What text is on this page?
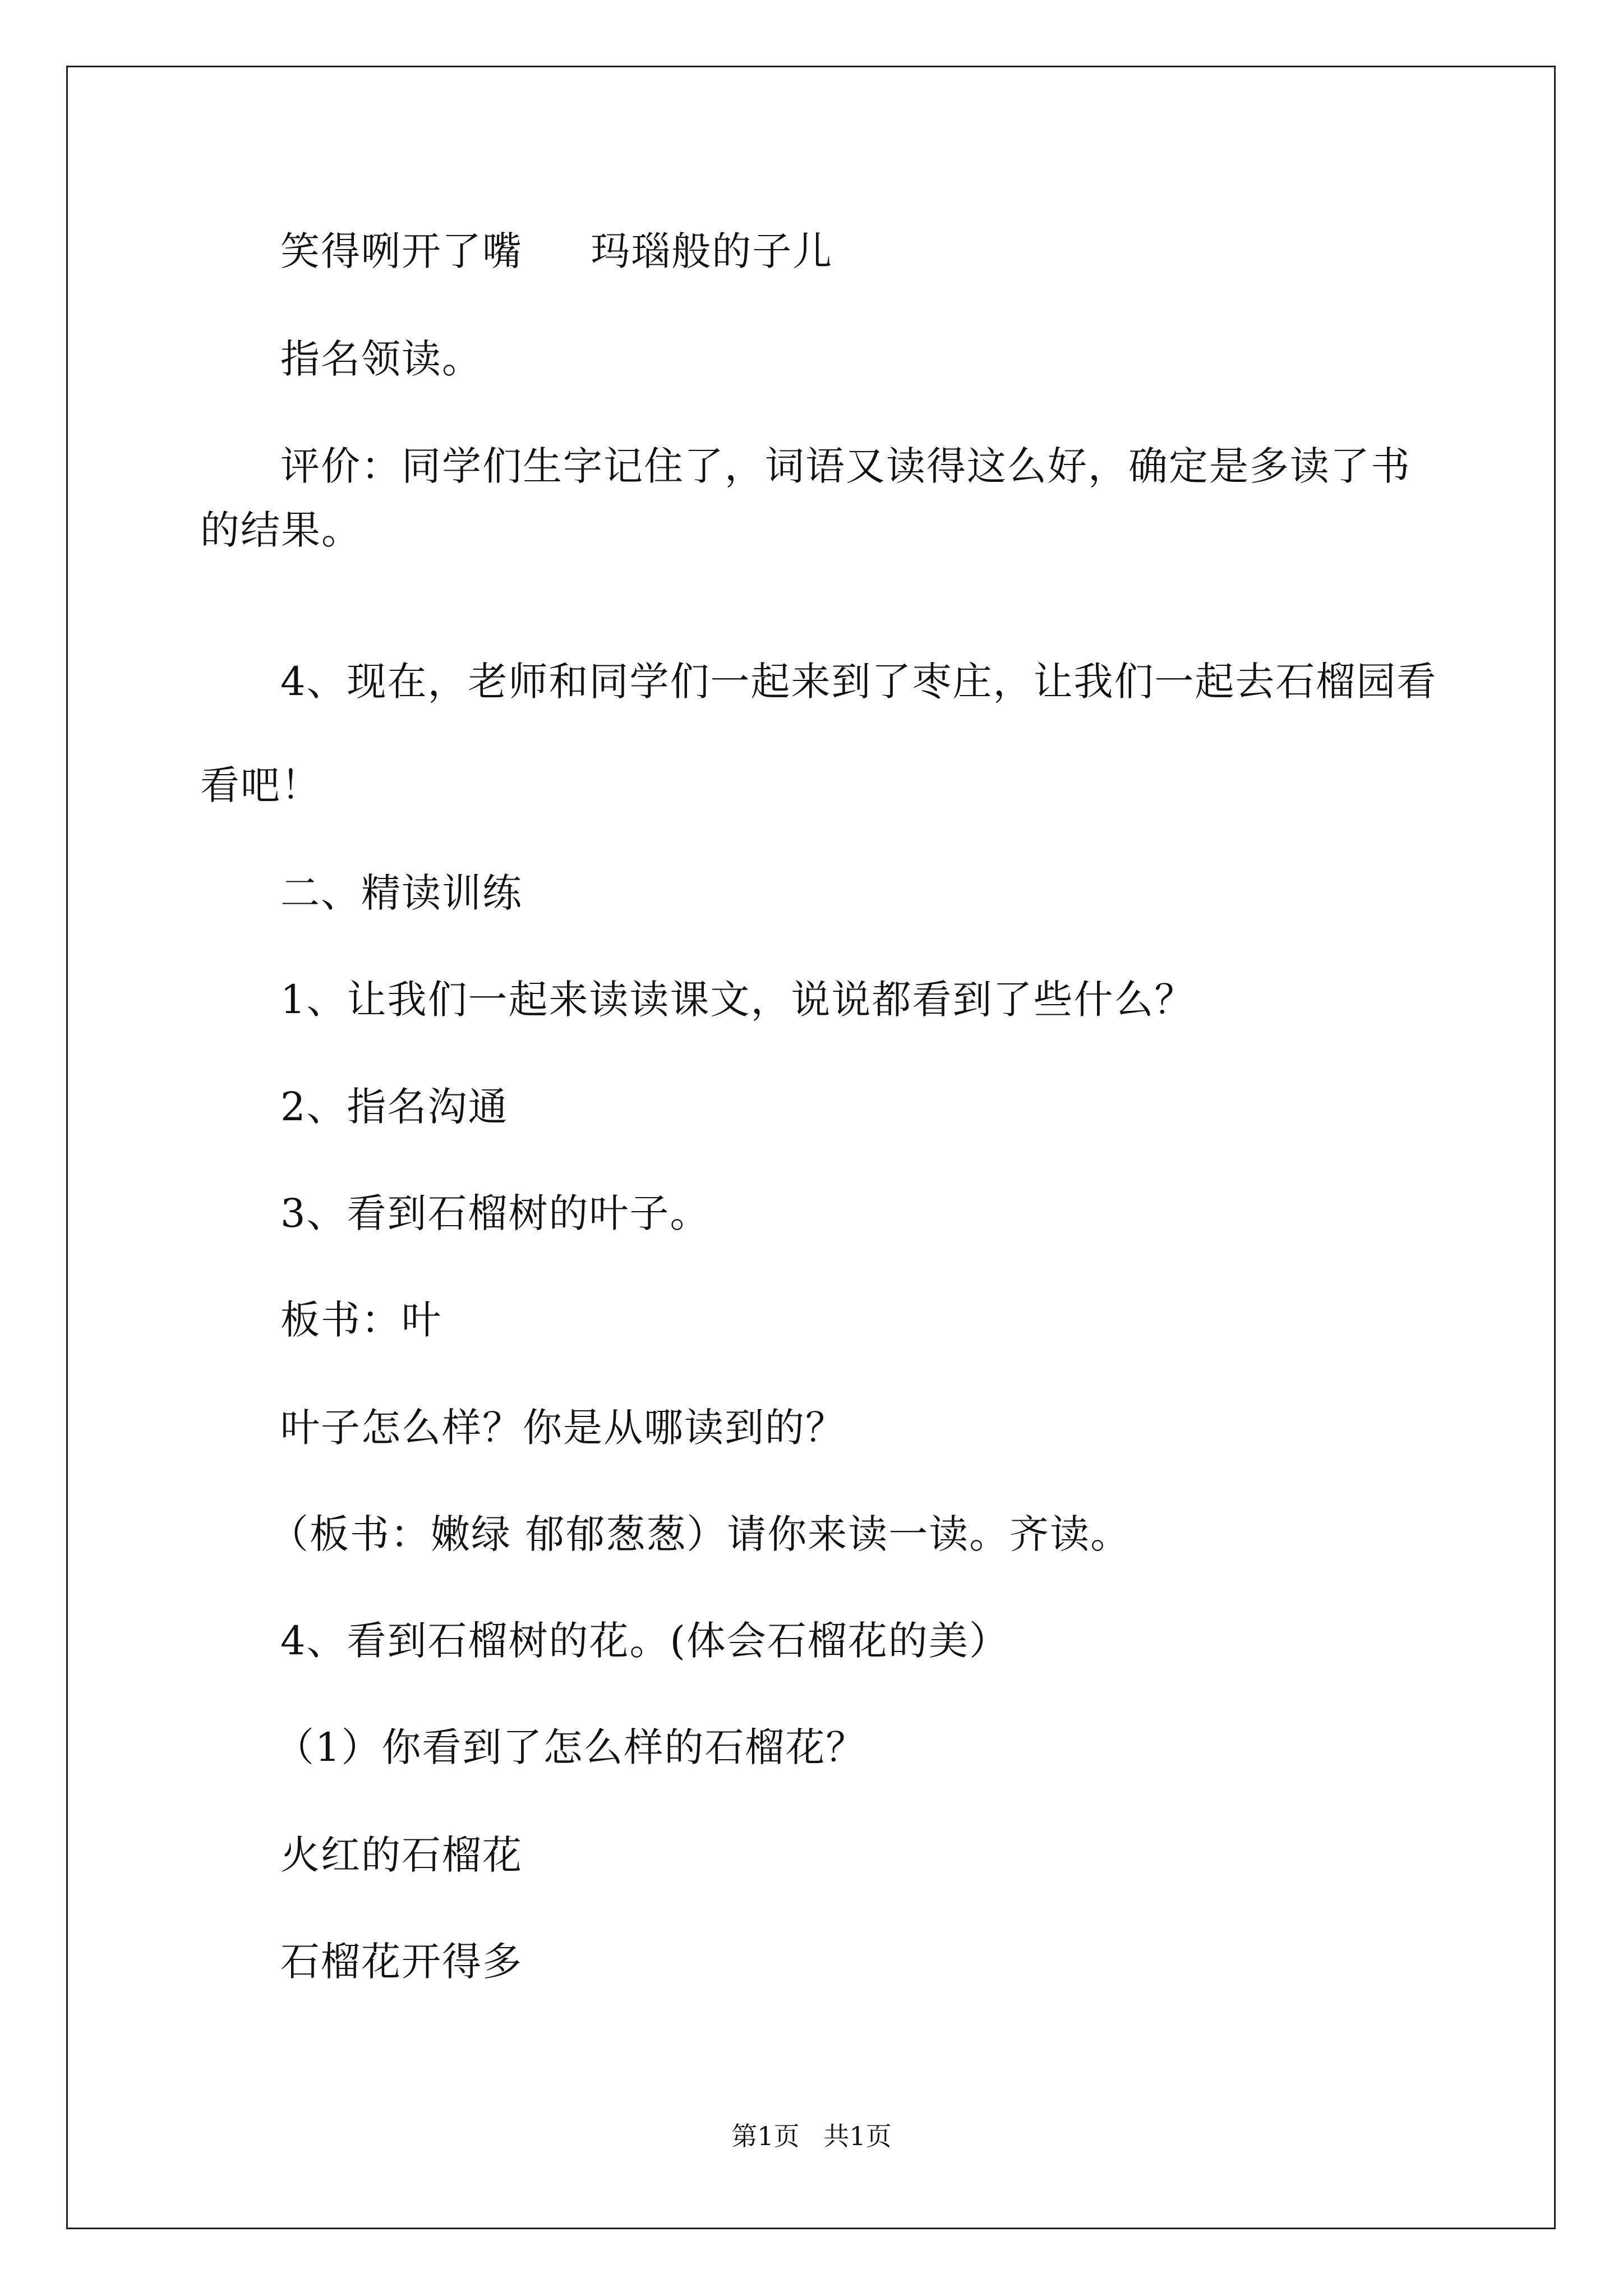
笑得咧开了嘴     玛瑙般的子儿
指名领读。
评价：同学们生字记住了，词语又读得这么好，确定是多读了书
的结果。
4、现在，老师和同学们一起来到了枣庄，让我们一起去石榴园看
看吧！
二、精读训练
1、让我们一起来读读课文，说说都看到了些什么？
2、指名沟通
3、看到石榴树的叶子。
板书：叶
叶子怎么样？你是从哪读到的？
（板书：嫩绿 郁郁葱葱）请你来读一读。齐读。
4、看到石榴树的花。(体会石榴花的美）
（1）你看到了怎么样的石榴花？
火红的石榴花
石榴花开得多
第1页 共1页
